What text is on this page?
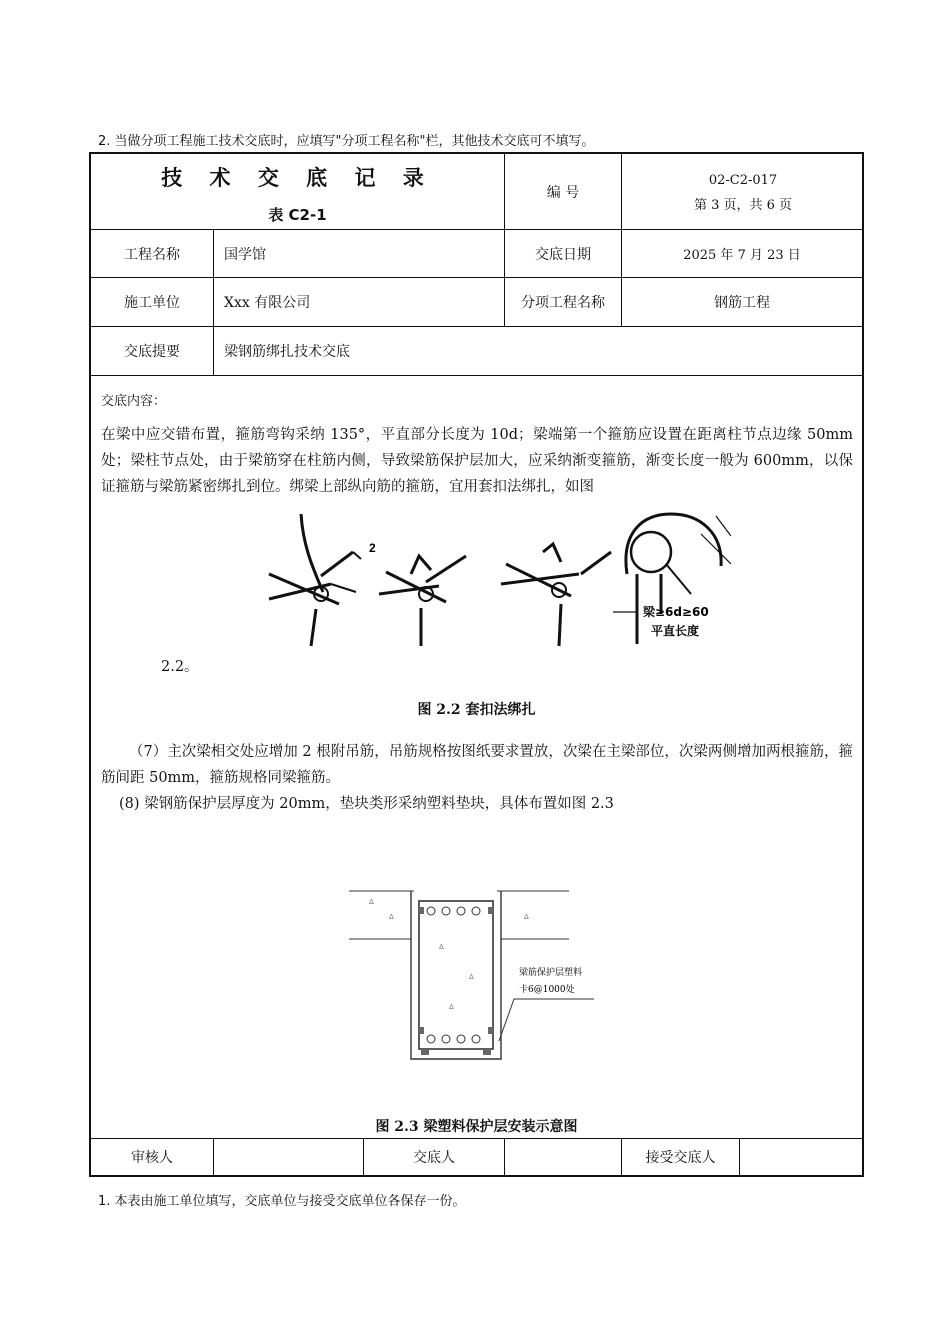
2. 当做分项工程施工技术交底时，应填写"分项工程名称"栏，其他技术交底可不填写。
技 术 交 底 记 录
表 C2-1
编 号
02-C2-017
第 3 页，共 6 页
工程名称	国学馆	交底日期	2025 年 7 月 23 日
施工单位	Xxx 有限公司	分项工程名称	钢筋工程
交底提要	梁钢筋绑扎技术交底
交底内容：
在梁中应交错布置，箍筋弯钩采纳 135°，平直部分长度为 10d；梁端第一个箍筋应设置在距离柱节点边缘 50mm 处；梁柱节点处，由于梁筋穿在柱筋内侧，导致梁筋保护层加大，应采纳渐变箍筋，渐变长度一般为 600mm，以保证箍筋与梁筋紧密绑扎到位。绑梁上部纵向筋的箍筋，宜用套扣法绑扎，如图
2
梁≥6d≥60
平直长度
2.2。
图 2.2 套扣法绑扎
（7）主次梁相交处应增加 2 根附吊筋，吊筋规格按图纸要求置放，次梁在主梁部位，次梁两侧增加两根箍筋，箍筋间距 50mm，箍筋规格同梁箍筋。
(8) 梁钢筋保护层厚度为 20mm，垫块类形采纳塑料垫块，具体布置如图 2.3
Δ
Δ	Δ
Δ
Δ
Δ
梁筋保护层塑料
卡6@1000处
图 2.3 梁塑料保护层安装示意图
审核人	交底人	接受交底人
1. 本表由施工单位填写，交底单位与接受交底单位各保存一份。
